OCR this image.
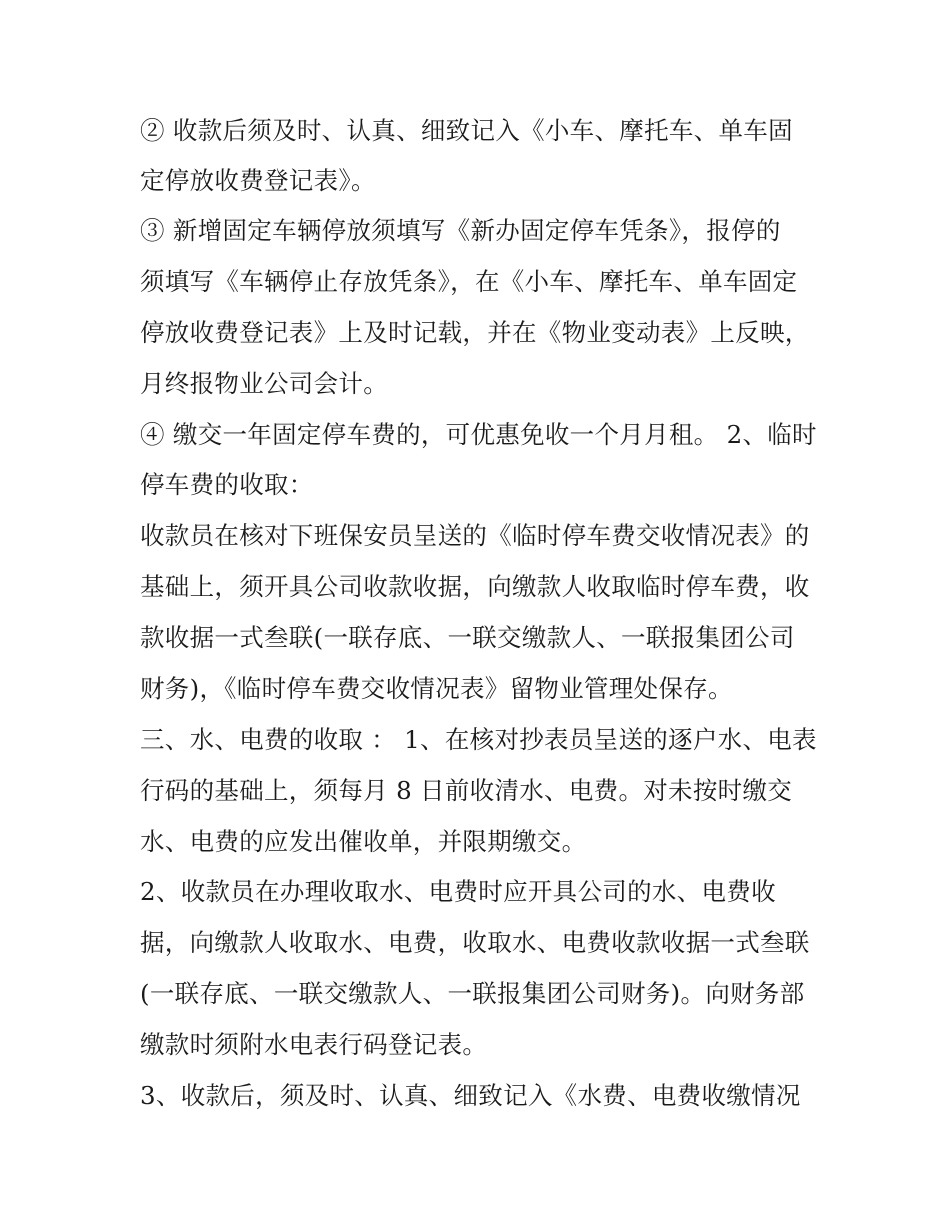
② 收款后须及时、认真、细致记入《小车、摩托车、单车固
定停放收费登记表》。
③ 新增固定车辆停放须填写《新办固定停车凭条》，报停的
须填写《车辆停止存放凭条》，在《小车、摩托车、单车固定
停放收费登记表》上及时记载，并在《物业变动表》上反映，
月终报物业公司会计。
④ 缴交一年固定停车费的，可优惠免收一个月月租。 2、临时
停车费的收取：
收款员在核对下班保安员呈送的《临时停车费交收情况表》的
基础上，须开具公司收款收据，向缴款人收取临时停车费，收
款收据一式叁联(一联存底、一联交缴款人、一联报集团公司
财务)，《临时停车费交收情况表》留物业管理处保存。
三、水、电费的收取 ： 1、在核对抄表员呈送的逐户水、电表
行码的基础上，须每月 8 日前收清水、电费。对未按时缴交
水、电费的应发出催收单，并限期缴交。
2、收款员在办理收取水、电费时应开具公司的水、电费收
据，向缴款人收取水、电费，收取水、电费收款收据一式叁联
(一联存底、一联交缴款人、一联报集团公司财务)。向财务部
缴款时须附水电表行码登记表。
3、收款后，须及时、认真、细致记入《水费、电费收缴情况
